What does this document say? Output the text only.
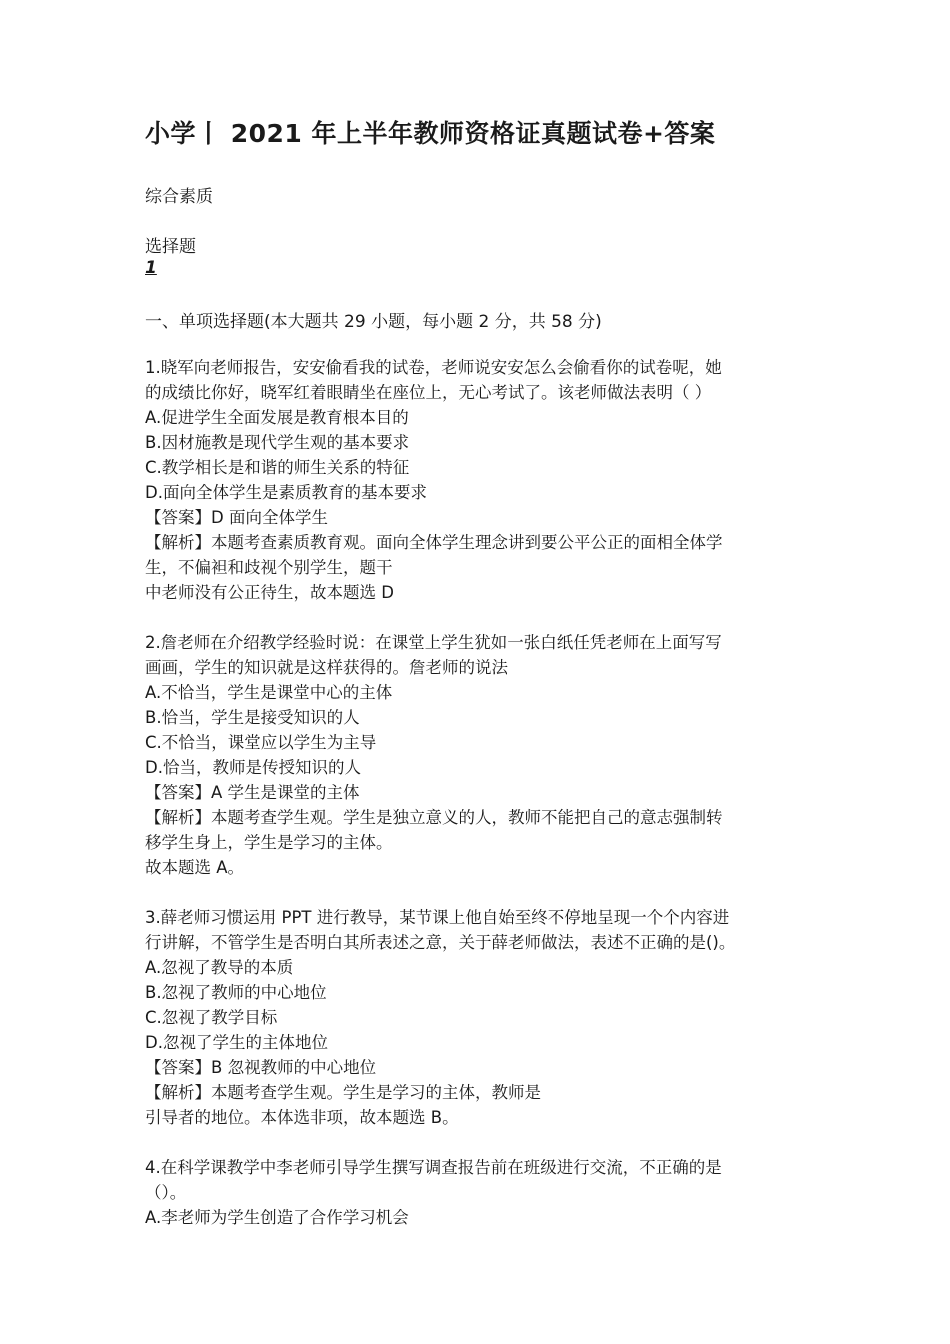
小学丨 2021 年上半年教师资格证真题试卷+答案
综合素质
选择题
1
一、单项选择题(本大题共 29 小题，每小题 2 分，共 58 分)
1.晓军向老师报告，安安偷看我的试卷，老师说安安怎么会偷看你的试卷呢，她
的成绩比你好，晓军红着眼睛坐在座位上，无心考试了。该老师做法表明（ ）
A.促进学生全面发展是教育根本目的
B.因材施教是现代学生观的基本要求
C.教学相长是和谐的师生关系的特征
D.面向全体学生是素质教育的基本要求
【答案】D 面向全体学生
【解析】本题考查素质教育观。面向全体学生理念讲到要公平公正的面相全体学
生，不偏袒和歧视个别学生，题干
中老师没有公正待生，故本题选 D
2.詹老师在介绍教学经验时说：在课堂上学生犹如一张白纸任凭老师在上面写写
画画，学生的知识就是这样获得的。詹老师的说法
A.不恰当，学生是课堂中心的主体
B.恰当，学生是接受知识的人
C.不恰当，课堂应以学生为主导
D.恰当，教师是传授知识的人
【答案】A 学生是课堂的主体
【解析】本题考查学生观。学生是独立意义的人，教师不能把自己的意志强制转
移学生身上，学生是学习的主体。
故本题选 A。
3.薛老师习惯运用 PPT 进行教导，某节课上他自始至终不停地呈现一个个内容进
行讲解，不管学生是否明白其所表述之意，关于薛老师做法，表述不正确的是()。
A.忽视了教导的本质
B.忽视了教师的中心地位
C.忽视了教学目标
D.忽视了学生的主体地位
【答案】B 忽视教师的中心地位
【解析】本题考查学生观。学生是学习的主体，教师是
引导者的地位。本体选非项，故本题选 B。
4.在科学课教学中李老师引导学生撰写调查报告前在班级进行交流，不正确的是
（）。
A.李老师为学生创造了合作学习机会
